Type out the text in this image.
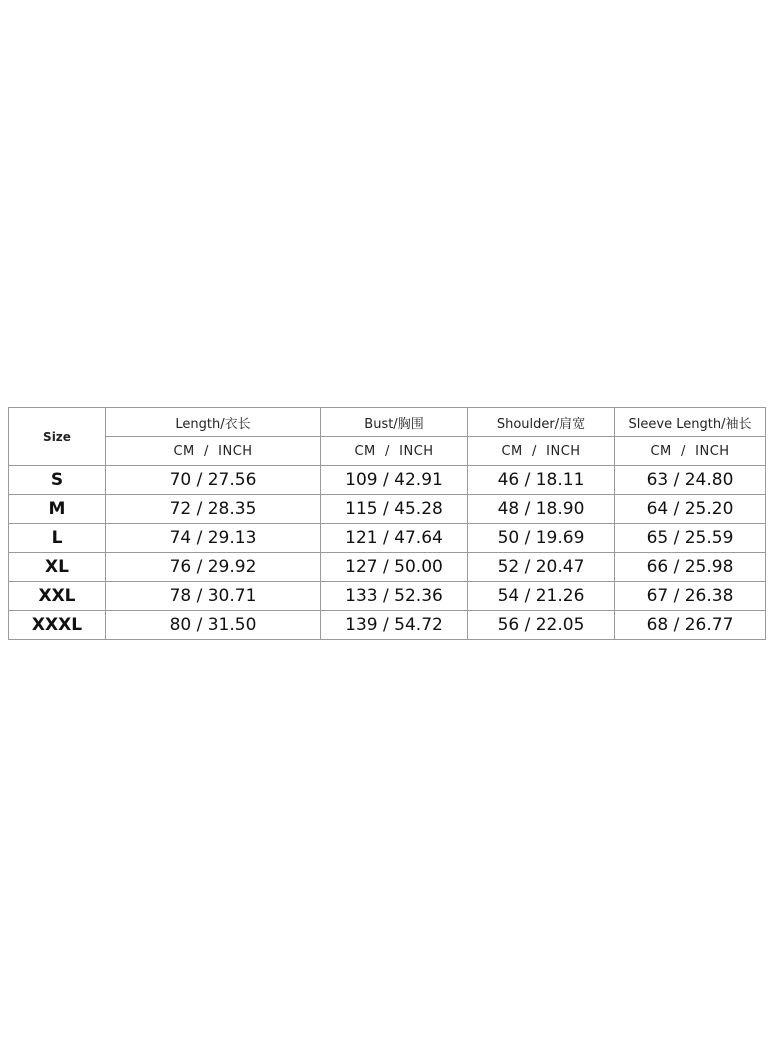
Size	Length/衣长	Bust/胸围	Shoulder/肩宽	Sleeve Length/袖长
	CM  /  INCH	CM  /  INCH	CM  /  INCH	CM  /  INCH
S	70 / 27.56	109 / 42.91	46 / 18.11	63 / 24.80
M	72 / 28.35	115 / 45.28	48 / 18.90	64 / 25.20
L	74 / 29.13	121 / 47.64	50 / 19.69	65 / 25.59
XL	76 / 29.92	127 / 50.00	52 / 20.47	66 / 25.98
XXL	78 / 30.71	133 / 52.36	54 / 21.26	67 / 26.38
XXXL	80 / 31.50	139 / 54.72	56 / 22.05	68 / 26.77
